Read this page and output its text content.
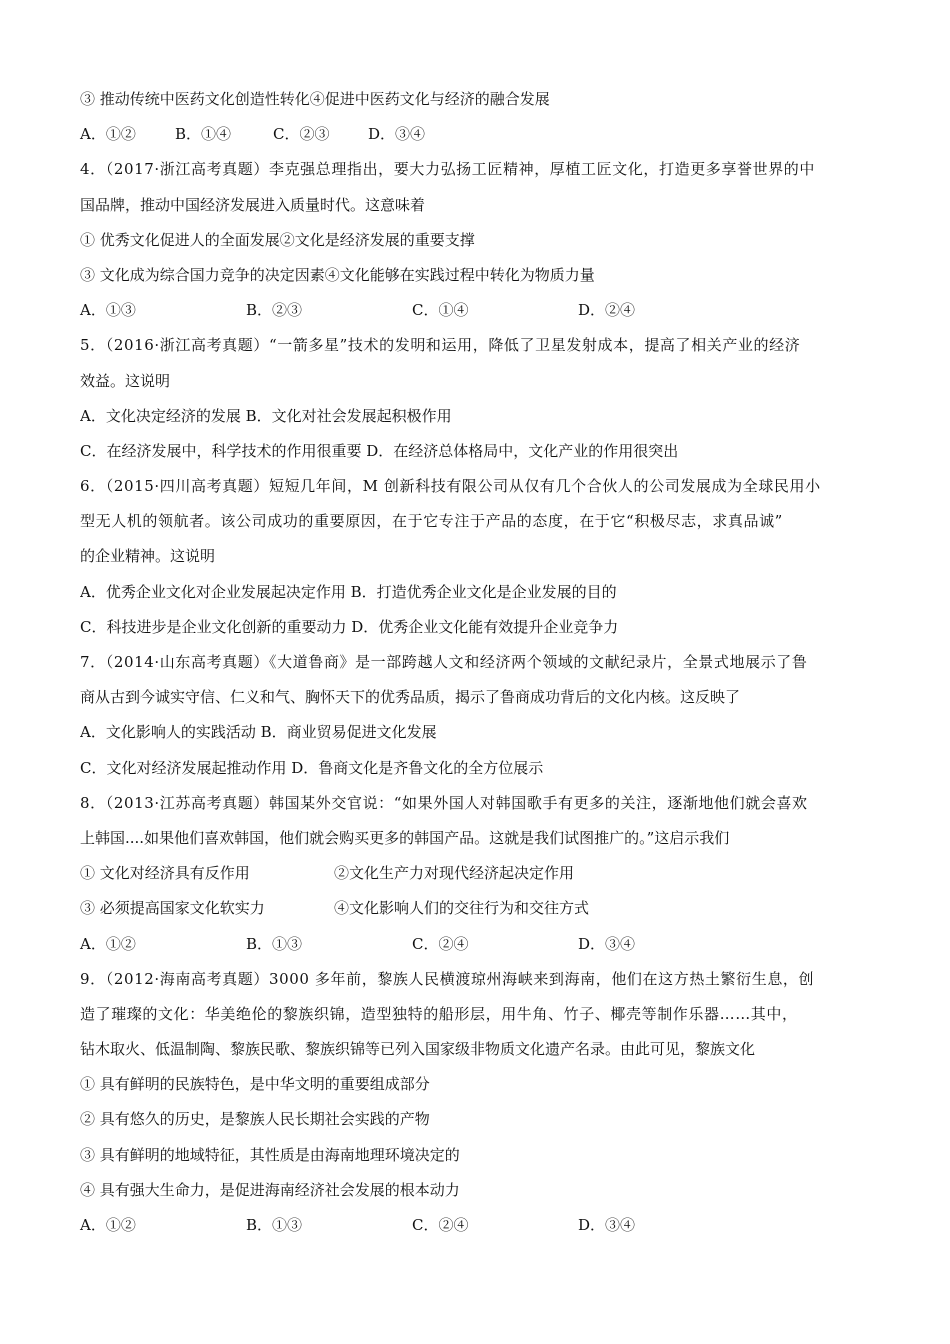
③ 推动传统中医药文化创造性转化④促进中医药文化与经济的融合发展
A．①②	B．①④	C．②③	D．③④
4．（2017·浙江高考真题）李克强总理指出，要大力弘扬工匠精神，厚植工匠文化，打造更多享誉世界的中
国品牌，推动中国经济发展进入质量时代。这意味着
① 优秀文化促进人的全面发展②文化是经济发展的重要支撑
③ 文化成为综合国力竞争的决定因素④文化能够在实践过程中转化为物质力量
A．①③	B．②③	C．①④	D．②④
5．（2016·浙江高考真题）“一箭多星”技术的发明和运用，降低了卫星发射成本，提高了相关产业的经济
效益。这说明
A．文化决定经济的发展 B．文化对社会发展起积极作用
C．在经济发展中，科学技术的作用很重要 D．在经济总体格局中，文化产业的作用很突出
6．（2015·四川高考真题）短短几年间，M 创新科技有限公司从仅有几个合伙人的公司发展成为全球民用小
型无人机的领航者。该公司成功的重要原因，在于它专注于产品的态度，在于它“积极尽志，求真品诚”
的企业精神。这说明
A．优秀企业文化对企业发展起决定作用 B．打造优秀企业文化是企业发展的目的
C．科技进步是企业文化创新的重要动力 D．优秀企业文化能有效提升企业竞争力
7．（2014·山东高考真题）《大道鲁商》是一部跨越人文和经济两个领域的文献纪录片，全景式地展示了鲁
商从古到今诚实守信、仁义和气、胸怀天下的优秀品质，揭示了鲁商成功背后的文化内核。这反映了
A．文化影响人的实践活动 B．商业贸易促进文化发展
C．文化对经济发展起推动作用 D．鲁商文化是齐鲁文化的全方位展示
8．（2013·江苏高考真题）韩国某外交官说：“如果外国人对韩国歌手有更多的关注，逐渐地他们就会喜欢
上韩国....如果他们喜欢韩国，他们就会购买更多的韩国产品。这就是我们试图推广的。”这启示我们
① 文化对经济具有反作用	②文化生产力对现代经济起决定作用
③ 必须提高国家文化软实力	④文化影响人们的交往行为和交往方式
A．①②	B．①③	C．②④	D．③④
9．（2012·海南高考真题）3000 多年前，黎族人民横渡琼州海峡来到海南，他们在这方热土繁衍生息，创
造了璀璨的文化：华美绝伦的黎族织锦，造型独特的船形层，用牛角、竹子、椰壳等制作乐器……其中，
钻木取火、低温制陶、黎族民歌、黎族织锦等已列入国家级非物质文化遗产名录。由此可见，黎族文化
① 具有鲜明的民族特色，是中华文明的重要组成部分
② 具有悠久的历史，是黎族人民长期社会实践的产物
③ 具有鲜明的地域特征，其性质是由海南地理环境决定的
④ 具有强大生命力，是促进海南经济社会发展的根本动力
A．①②	B．①③	C．②④	D．③④
